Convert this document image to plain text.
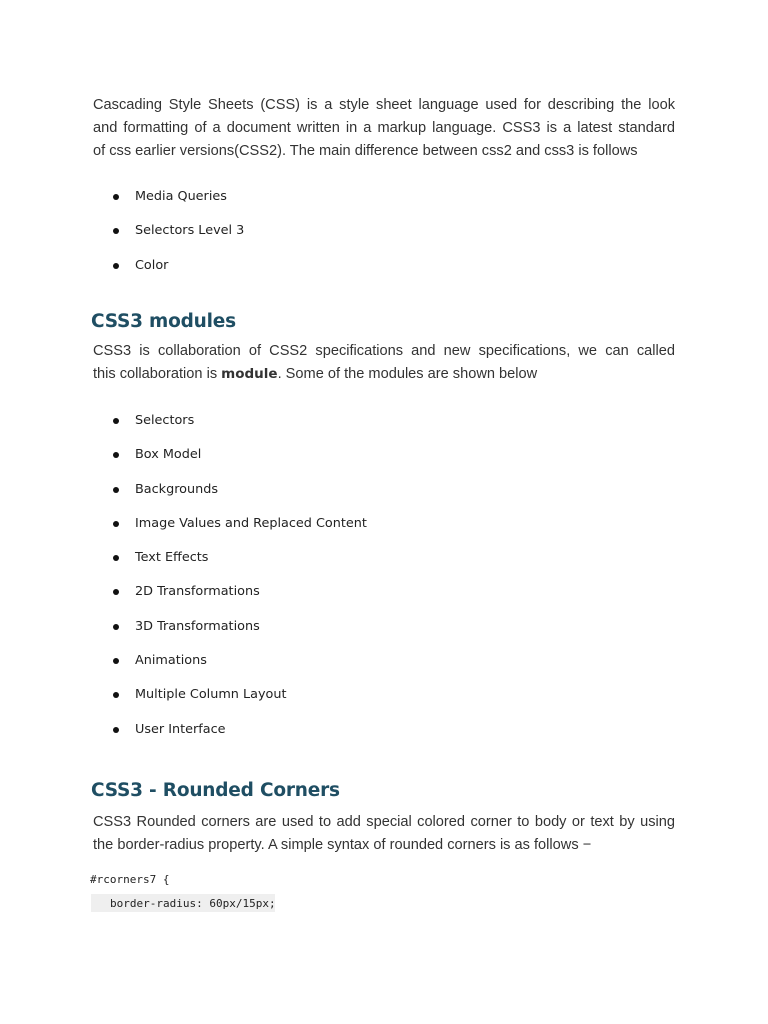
Cascading Style Sheets (CSS) is a style sheet language used for describing the look
and formatting of a document written in a markup language. CSS3 is a latest standard
of css earlier versions(CSS2). The main difference between css2 and css3 is follows
Media Queries
Selectors Level 3
Color
CSS3 modules
CSS3 is collaboration of CSS2 specifications and new specifications, we can called
this collaboration is module. Some of the modules are shown below
Selectors
Box Model
Backgrounds
Image Values and Replaced Content
Text Effects
2D Transformations
3D Transformations
Animations
Multiple Column Layout
User Interface
CSS3 - Rounded Corners
CSS3 Rounded corners are used to add special colored corner to body or text by using
the border-radius property. A simple syntax of rounded corners is as follows −
#rcorners7 {
border-radius: 60px/15px;
